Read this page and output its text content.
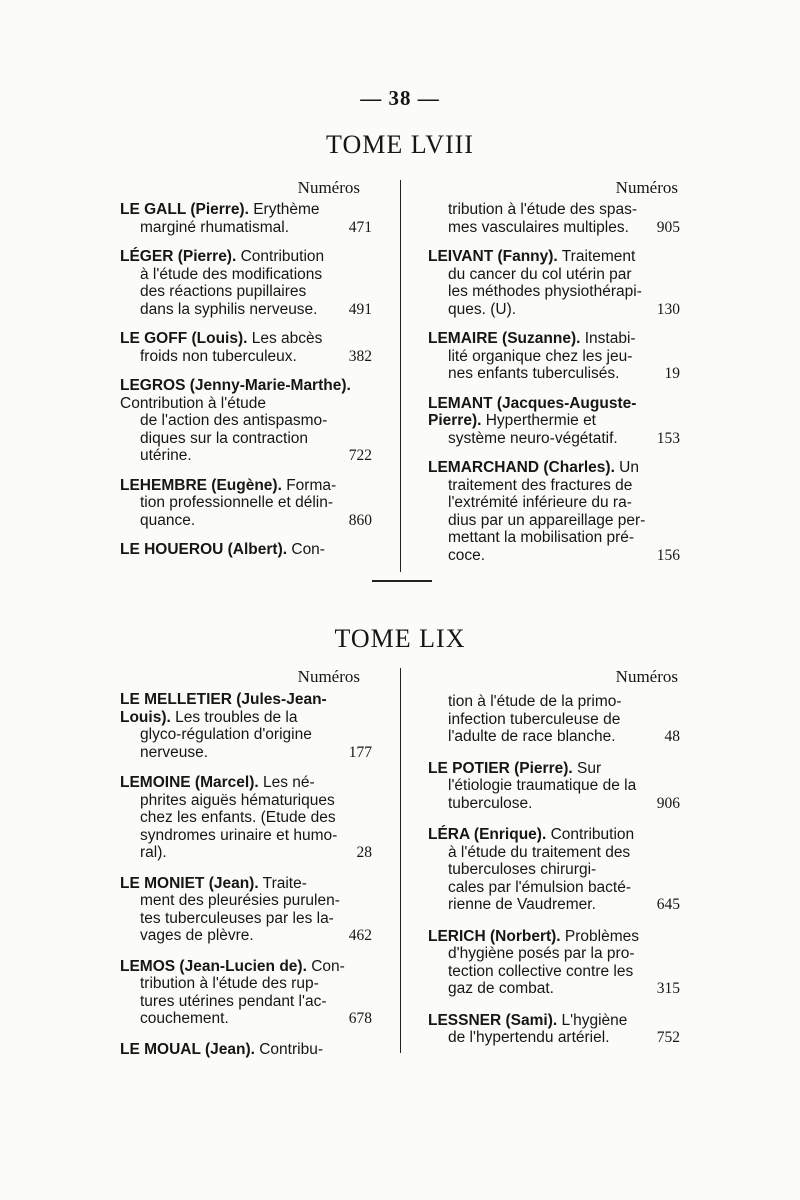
— 38 —
TOME LVIII
Numéros	Numéros

LE GALL (Pierre). Erythème

marginé rhumatismal.	471

LÉGER (Pierre). Contribution

à l'étude des modifications

des réactions pupillaires

dans la syphilis nerveuse.	491

LE GOFF (Louis). Les abcès

froids non tuberculeux.	382

LEGROS (Jenny-Marie-Marthe). Contribution à l'étude

de l'action des antispasmo-

diques sur la contraction

utérine.	722

LEHEMBRE (Eugène). Forma-

tion professionnelle et délin-

quance.	860

LE HOUEROU (Albert). Con-

tribution à l'étude des spas-

mes vasculaires multiples.	905

LEIVANT (Fanny). Traitement

du cancer du col utérin par

les méthodes physiothérapi-

ques. (U).	130

LEMAIRE (Suzanne). Instabi-

lité organique chez les jeu-

nes enfants tuberculisés.	19

LEMANT (Jacques-Auguste-Pierre). Hyperthermie et

système neuro-végétatif.	153

LEMARCHAND (Charles). Un

traitement des fractures de

l'extrémité inférieure du ra-

dius par un appareillage per-

mettant la mobilisation pré-

coce.	156
TOME LIX
Numéros	Numéros

LE MELLETIER (Jules-Jean-Louis). Les troubles de la

glyco-régulation d'origine

nerveuse.	177

LEMOINE (Marcel). Les né-

phrites aiguës hématuriques

chez les enfants. (Etude des

syndromes urinaire et humo-

ral).	28

LE MONIET (Jean). Traite-

ment des pleurésies purulen-

tes tuberculeuses par les la-

vages de plèvre.	462

LEMOS (Jean-Lucien de). Con-

tribution à l'étude des rup-

tures utérines pendant l'ac-

couchement.	678

LE MOUAL (Jean). Contribu-

tion à l'étude de la primo-

infection tuberculeuse de

l'adulte de race blanche.	48

LE POTIER (Pierre). Sur

l'étiologie traumatique de la

tuberculose.	906

LÉRA (Enrique). Contribution

à l'étude du traitement des

tuberculoses chirurgi-

cales par l'émulsion bacté-

rienne de Vaudremer.	645

LERICH (Norbert). Problèmes

d'hygiène posés par la pro-

tection collective contre les

gaz de combat.	315

LESSNER (Sami). L'hygiène

de l'hypertendu artériel.	752
